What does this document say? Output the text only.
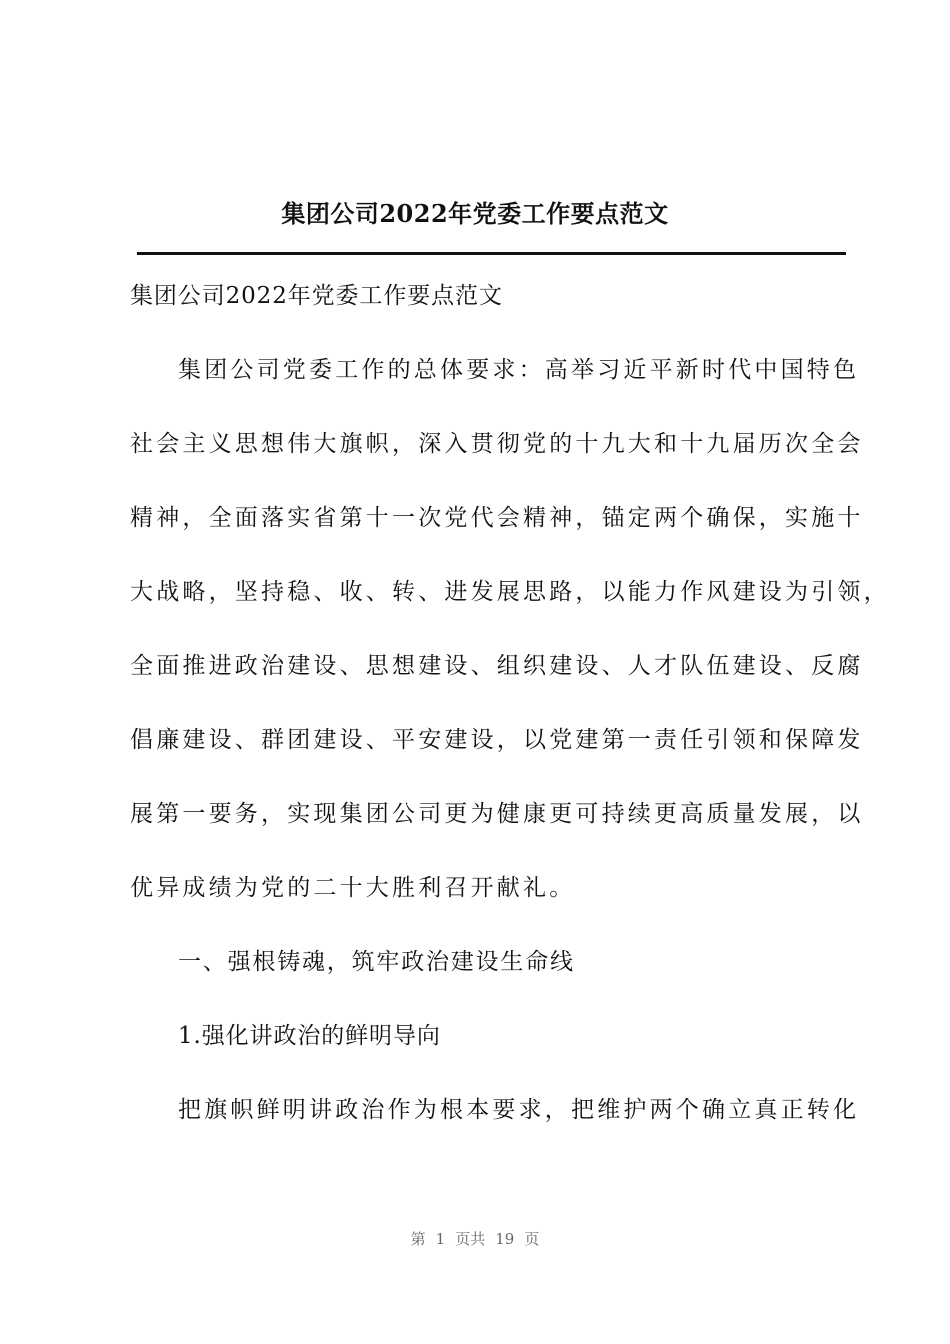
集团公司2022年党委工作要点范文
集团公司2022年党委工作要点范文
集团公司党委工作的总体要求：高举习近平新时代中国特色
社会主义思想伟大旗帜，深入贯彻党的十九大和十九届历次全会
精神，全面落实省第十一次党代会精神，锚定两个确保，实施十
大战略，坚持稳、收、转、进发展思路，以能力作风建设为引领，
全面推进政治建设、思想建设、组织建设、人才队伍建设、反腐
倡廉建设、群团建设、平安建设，以党建第一责任引领和保障发
展第一要务，实现集团公司更为健康更可持续更高质量发展，以
优异成绩为党的二十大胜利召开献礼。
一、强根铸魂，筑牢政治建设生命线
1.强化讲政治的鲜明导向
把旗帜鲜明讲政治作为根本要求，把维护两个确立真正转化
第 1 页共 19 页
